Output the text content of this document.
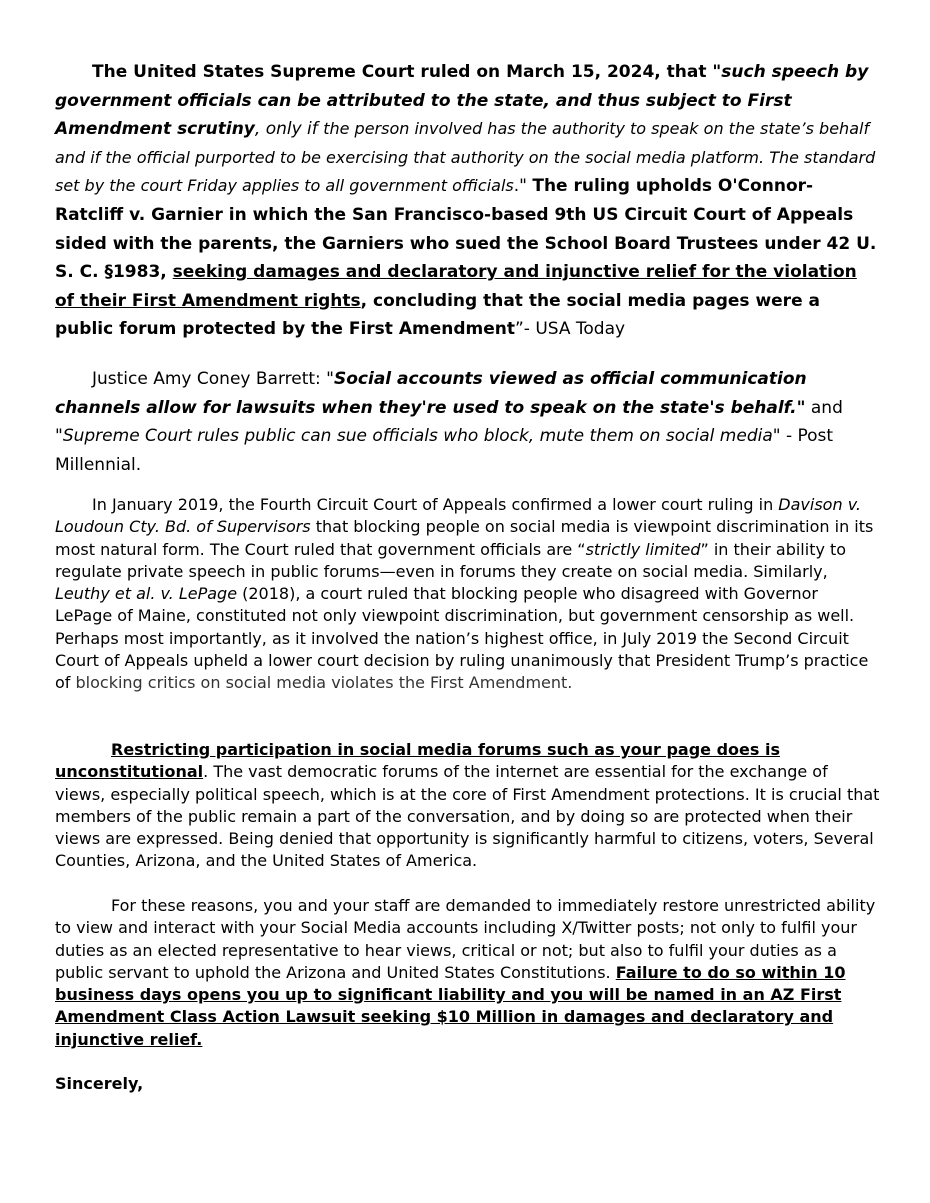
The United States Supreme Court ruled on March 15, 2024, that "such speech by government officials can be attributed to the state, and thus subject to First Amendment scrutiny, only if the person involved has the authority to speak on the state’s behalf and if the official purported to be exercising that authority on the social media platform. The standard set by the court Friday applies to all government officials." The ruling upholds O'Connor-Ratcliff v. Garnier in which the San Francisco-based 9th US Circuit Court of Appeals sided with the parents, the Garniers who sued the School Board Trustees under 42 U. S. C. §1983, seeking damages and declaratory and injunctive relief for the violation of their First Amendment rights, concluding that the social media pages were a public forum protected by the First Amendment”- USA Today

Justice Amy Coney Barrett: "Social accounts viewed as official communication channels allow for lawsuits when they're used to speak on the state's behalf." and "Supreme Court rules public can sue officials who block, mute them on social media" - Post Millennial.

In January 2019, the Fourth Circuit Court of Appeals confirmed a lower court ruling in Davison v. Loudoun Cty. Bd. of Supervisors that blocking people on social media is viewpoint discrimination in its most natural form. The Court ruled that government officials are “strictly limited” in their ability to regulate private speech in public forums—even in forums they create on social media. Similarly, Leuthy et al. v. LePage (2018), a court ruled that blocking people who disagreed with Governor LePage of Maine, constituted not only viewpoint discrimination, but government censorship as well. Perhaps most importantly, as it involved the nation’s highest office, in July 2019 the Second Circuit Court of Appeals upheld a lower court decision by ruling unanimously that President Trump’s practice of blocking critics on social media violates the First Amendment.

Restricting participation in social media forums such as your page does is unconstitutional. The vast democratic forums of the internet are essential for the exchange of views, especially political speech, which is at the core of First Amendment protections. It is crucial that members of the public remain a part of the conversation, and by doing so are protected when their views are expressed. Being denied that opportunity is significantly harmful to citizens, voters, Several Counties, Arizona, and the United States of America.

For these reasons, you and your staff are demanded to immediately restore unrestricted ability to view and interact with your Social Media accounts including X/Twitter posts; not only to fulfil your duties as an elected representative to hear views, critical or not; but also to fulfil your duties as a public servant to uphold the Arizona and United States Constitutions. Failure to do so within 10 business days opens you up to significant liability and you will be named in an AZ First Amendment Class Action Lawsuit seeking $10 Million in damages and declaratory and injunctive relief.

Sincerely,
